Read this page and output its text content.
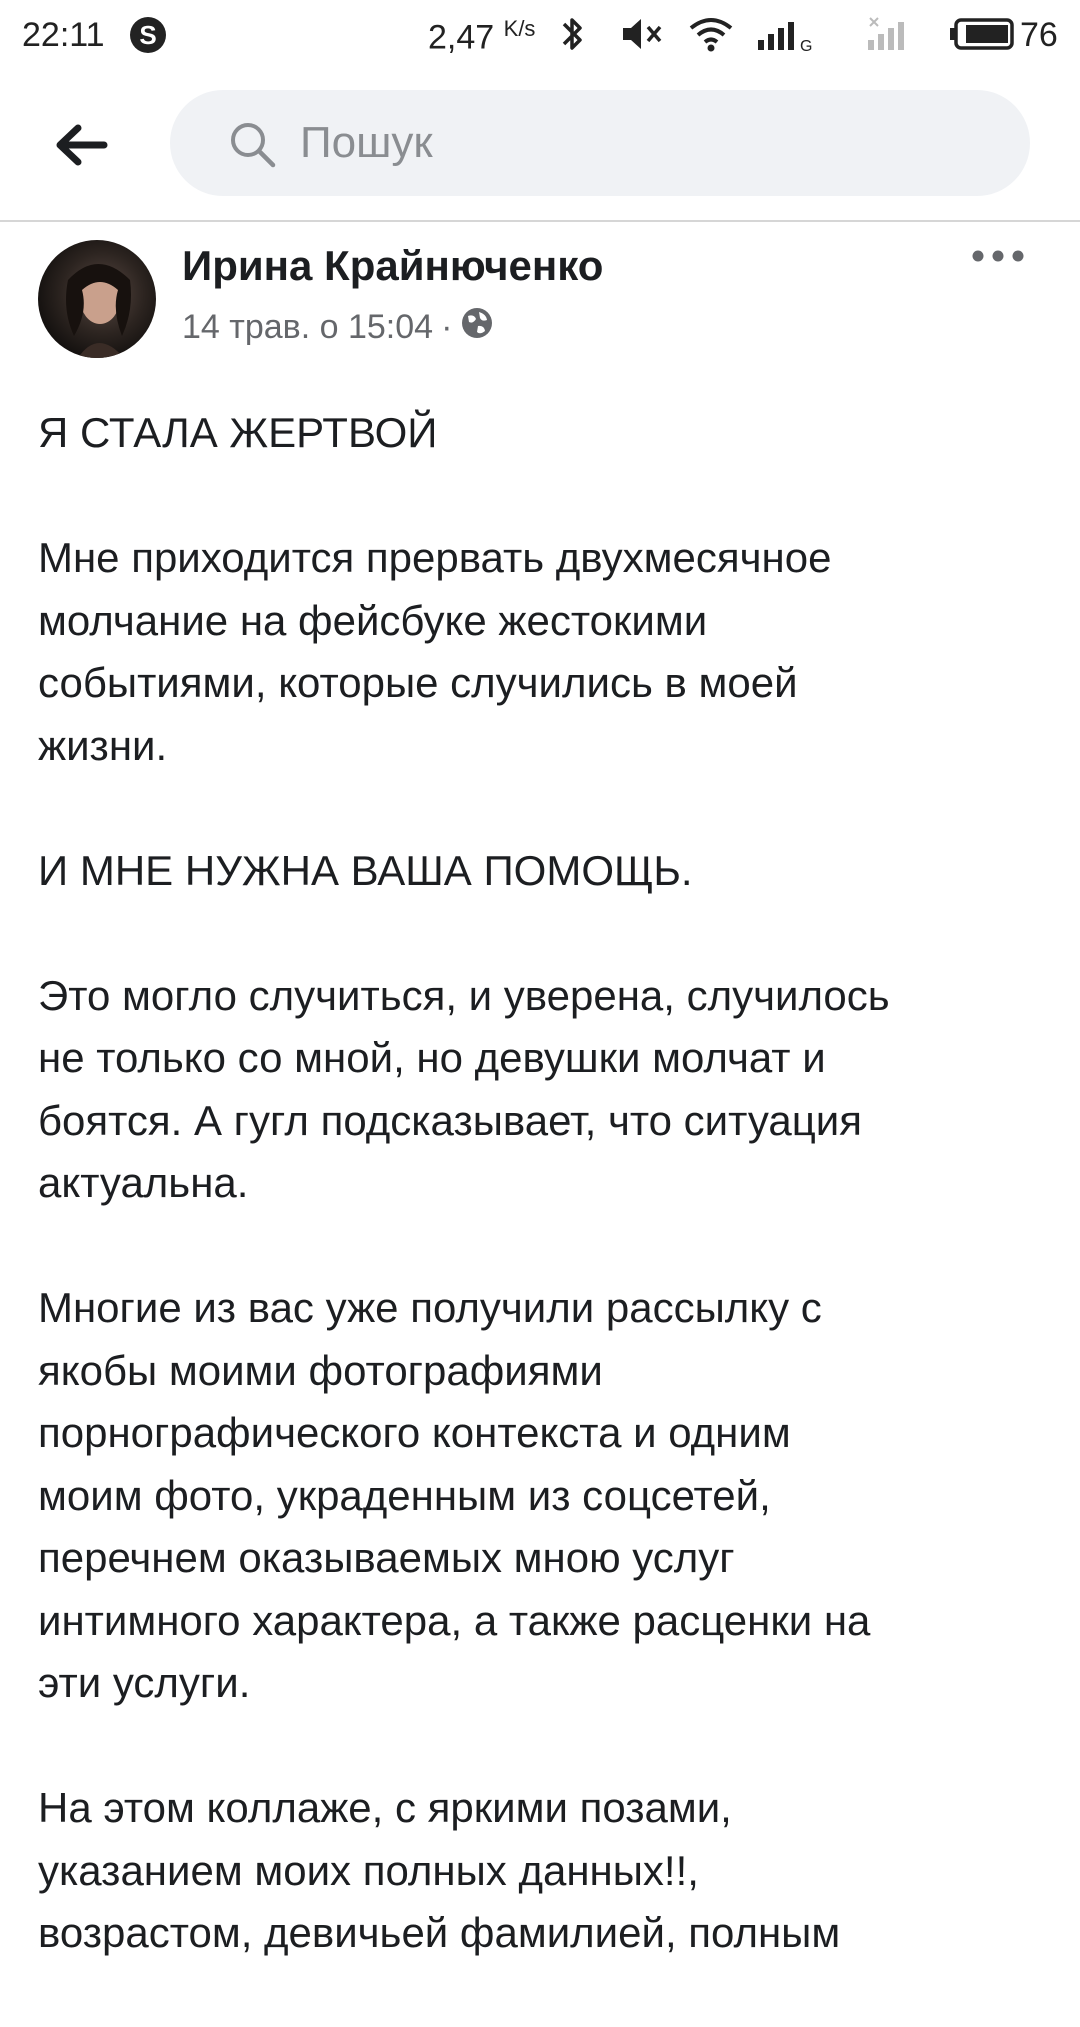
22:11	S	2,47 $^{K/s}$
G	76
Пошук
Ирина Крайнюченко
14 трав. о 15:04 ·

Я СТАЛА ЖЕРТВОЙ

Мне приходится прервать двухмесячное
молчание на фейсбуке жестокими
событиями, которые случились в моей
жизни.

И МНЕ НУЖНА ВАША ПОМОЩЬ.

Это могло случиться, и уверена, случилось
не только со мной, но девушки молчат и
боятся. А гугл подсказывает, что ситуация
актуальна.

Многие из вас уже получили рассылку с
якобы моими фотографиями
порнографического контекста и одним
моим фото, украденным из соцсетей,
перечнем оказываемых мною услуг
интимного характера, а также расценки на
эти услуги.

На этом коллаже, с яркими позами,
указанием моих полных данных!!,
возрастом, девичьей фамилией, полным
